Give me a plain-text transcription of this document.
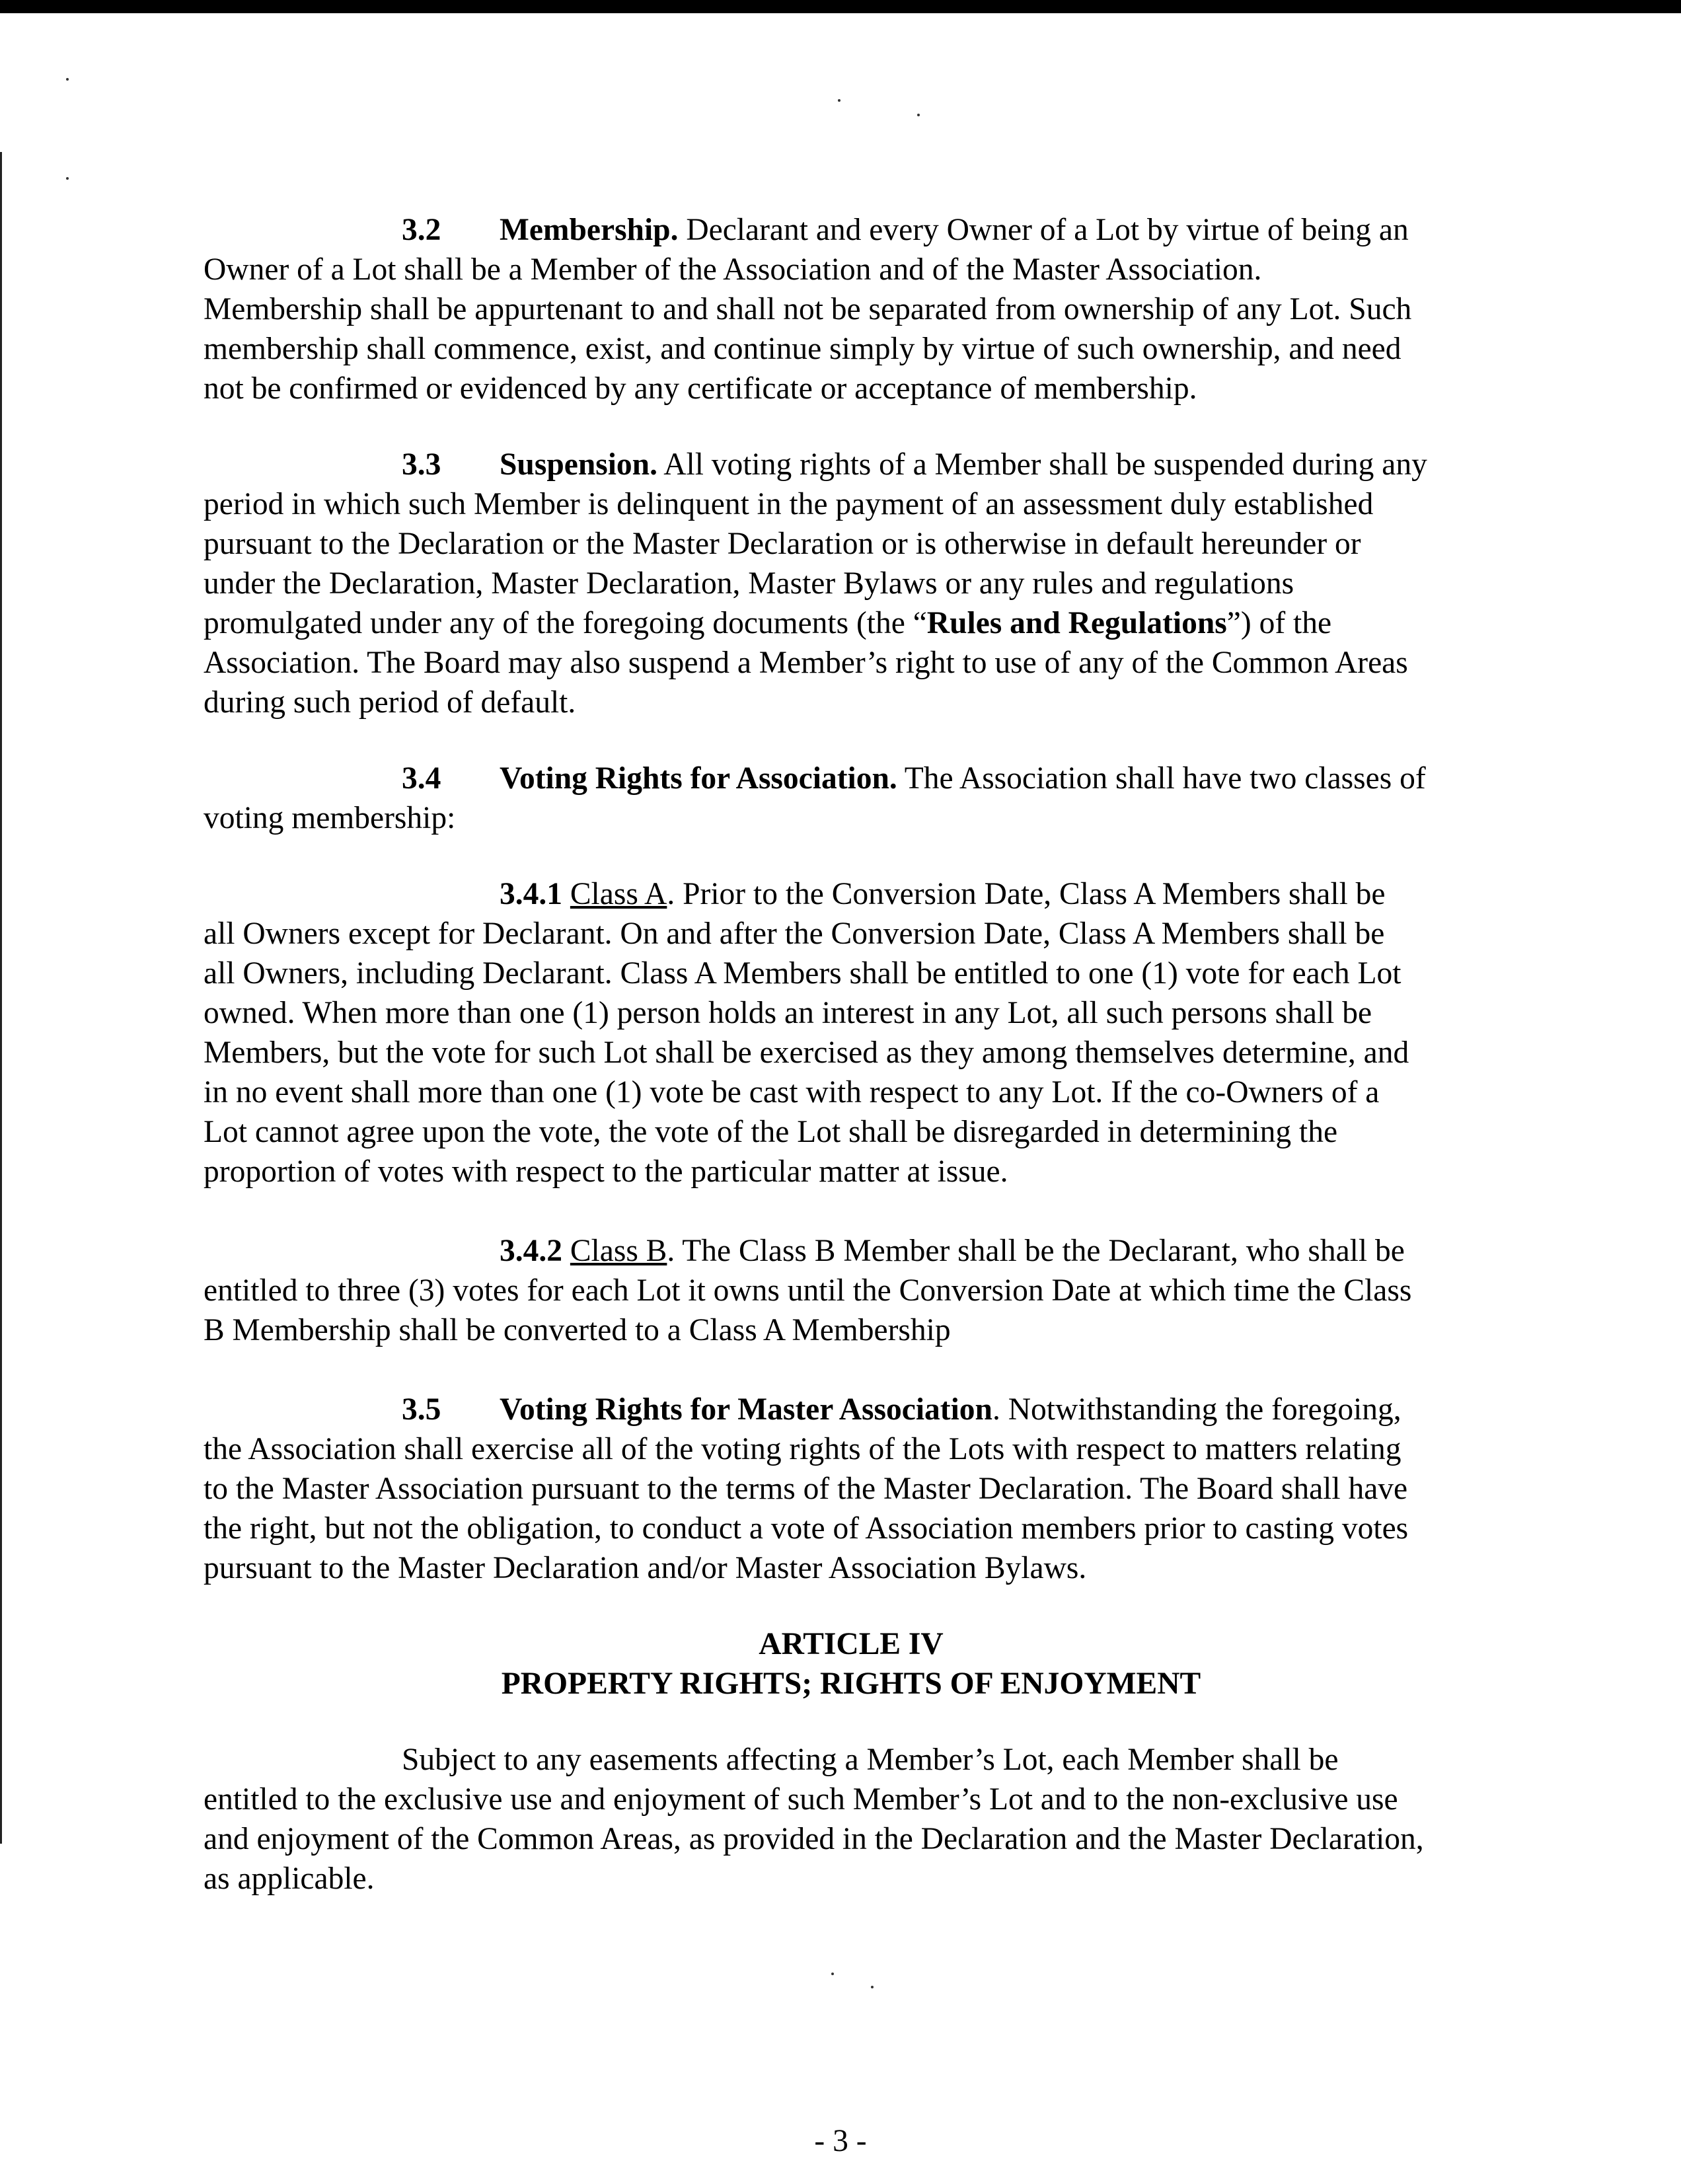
3.2 Membership. Declarant and every Owner of a Lot by virtue of being an
Owner of a Lot shall be a Member of the Association and of the Master Association.
Membership shall be appurtenant to and shall not be separated from ownership of any Lot. Such
membership shall commence, exist, and continue simply by virtue of such ownership, and need
not be confirmed or evidenced by any certificate or acceptance of membership.
3.3 Suspension. All voting rights of a Member shall be suspended during any
period in which such Member is delinquent in the payment of an assessment duly established
pursuant to the Declaration or the Master Declaration or is otherwise in default hereunder or
under the Declaration, Master Declaration, Master Bylaws or any rules and regulations
promulgated under any of the foregoing documents (the “Rules and Regulations”) of the
Association. The Board may also suspend a Member’s right to use of any of the Common Areas
during such period of default.
3.4 Voting Rights for Association. The Association shall have two classes of
voting membership:
3.4.1 Class A. Prior to the Conversion Date, Class A Members shall be
all Owners except for Declarant. On and after the Conversion Date, Class A Members shall be
all Owners, including Declarant. Class A Members shall be entitled to one (1) vote for each Lot
owned. When more than one (1) person holds an interest in any Lot, all such persons shall be
Members, but the vote for such Lot shall be exercised as they among themselves determine, and
in no event shall more than one (1) vote be cast with respect to any Lot. If the co-Owners of a
Lot cannot agree upon the vote, the vote of the Lot shall be disregarded in determining the
proportion of votes with respect to the particular matter at issue.
3.4.2 Class B. The Class B Member shall be the Declarant, who shall be
entitled to three (3) votes for each Lot it owns until the Conversion Date at which time the Class
B Membership shall be converted to a Class A Membership
3.5 Voting Rights for Master Association. Notwithstanding the foregoing,
the Association shall exercise all of the voting rights of the Lots with respect to matters relating
to the Master Association pursuant to the terms of the Master Declaration. The Board shall have
the right, but not the obligation, to conduct a vote of Association members prior to casting votes
pursuant to the Master Declaration and/or Master Association Bylaws.
ARTICLE IV
PROPERTY RIGHTS; RIGHTS OF ENJOYMENT
Subject to any easements affecting a Member’s Lot, each Member shall be
entitled to the exclusive use and enjoyment of such Member’s Lot and to the non-exclusive use
and enjoyment of the Common Areas, as provided in the Declaration and the Master Declaration,
as applicable.
- 3 -
